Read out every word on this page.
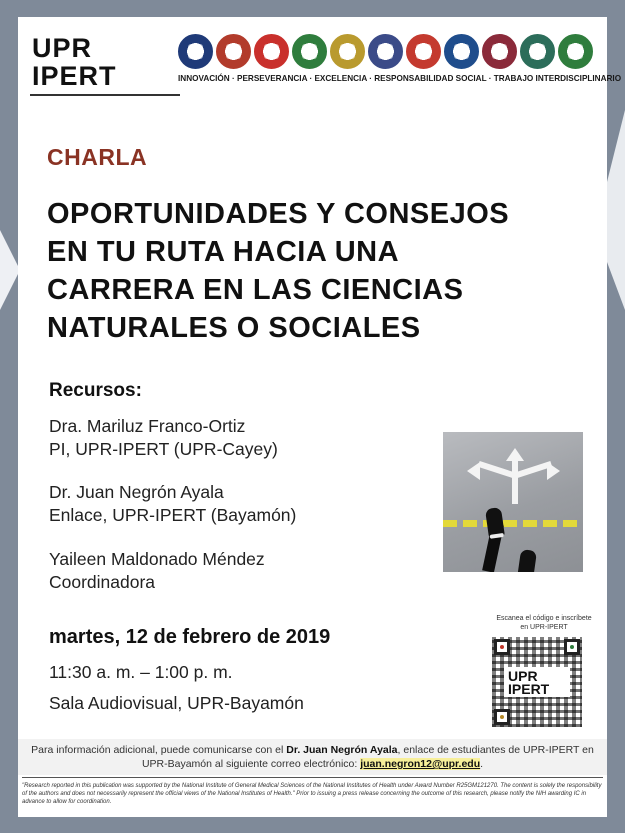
UPR
IPERT	INNOVACIÓN · PERSEVERANCIA · EXCELENCIA · RESPONSABILIDAD SOCIAL · TRABAJO INTERDISCIPLINARIO
CHARLA
OPORTUNIDADES Y CONSEJOS
EN TU RUTA HACIA UNA
CARRERA EN LAS CIENCIAS
NATURALES O SOCIALES
Recursos:
Dra. Mariluz Franco-Ortiz
PI, UPR-IPERT (UPR-Cayey)
Dr. Juan Negrón Ayala
Enlace, UPR-IPERT (Bayamón)
Yaileen Maldonado Méndez
Coordinadora
martes, 12 de febrero de 2019
11:30 a. m. – 1:00 p. m.
Sala Audiovisual, UPR-Bayamón
Escanea el código e inscríbete en UPR-IPERT
UPR
IPERT
Para información adicional, puede comunicarse con el Dr. Juan Negrón Ayala, enlace de estudiantes de UPR-IPERT en UPR-Bayamón al siguiente correo electrónico: juan.negron12@upr.edu.
"Research reported in this publication was supported by the National Institute of General Medical Sciences of the National Institutes of Health under Award Number R25GM121270. The content is solely the responsibility of the authors and does not necessarily represent the official views of the National Institutes of Health." Prior to issuing a press release concerning the outcome of this research, please notify the NIH awarding IC in advance to allow for coordination.
